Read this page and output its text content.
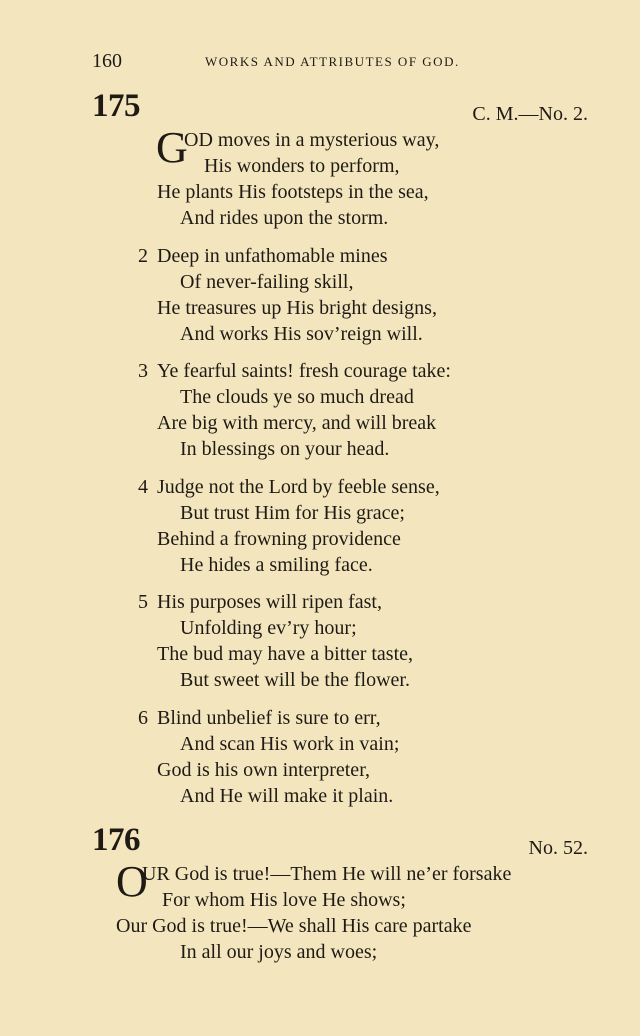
160	WORKS AND ATTRIBUTES OF GOD.
175	C. M.—No. 2.
G
OD moves in a mysterious way,
His wonders to perform,
He plants His footsteps in the sea,
And rides upon the storm.
2 Deep in unfathomable mines
Of never-failing skill,
He treasures up His bright designs,
And works His sov’reign will.
3 Ye fearful saints! fresh courage take:
The clouds ye so much dread
Are big with mercy, and will break
In blessings on your head.
4 Judge not the Lord by feeble sense,
But trust Him for His grace;
Behind a frowning providence
He hides a smiling face.
5 His purposes will ripen fast,
Unfolding ev’ry hour;
The bud may have a bitter taste,
But sweet will be the flower.
6 Blind unbelief is sure to err,
And scan His work in vain;
God is his own interpreter,
And He will make it plain.
176	No. 52.
O
UR God is true!—Them He will ne’er forsake
For whom His love He shows;
Our God is true!—We shall His care partake
In all our joys and woes;
